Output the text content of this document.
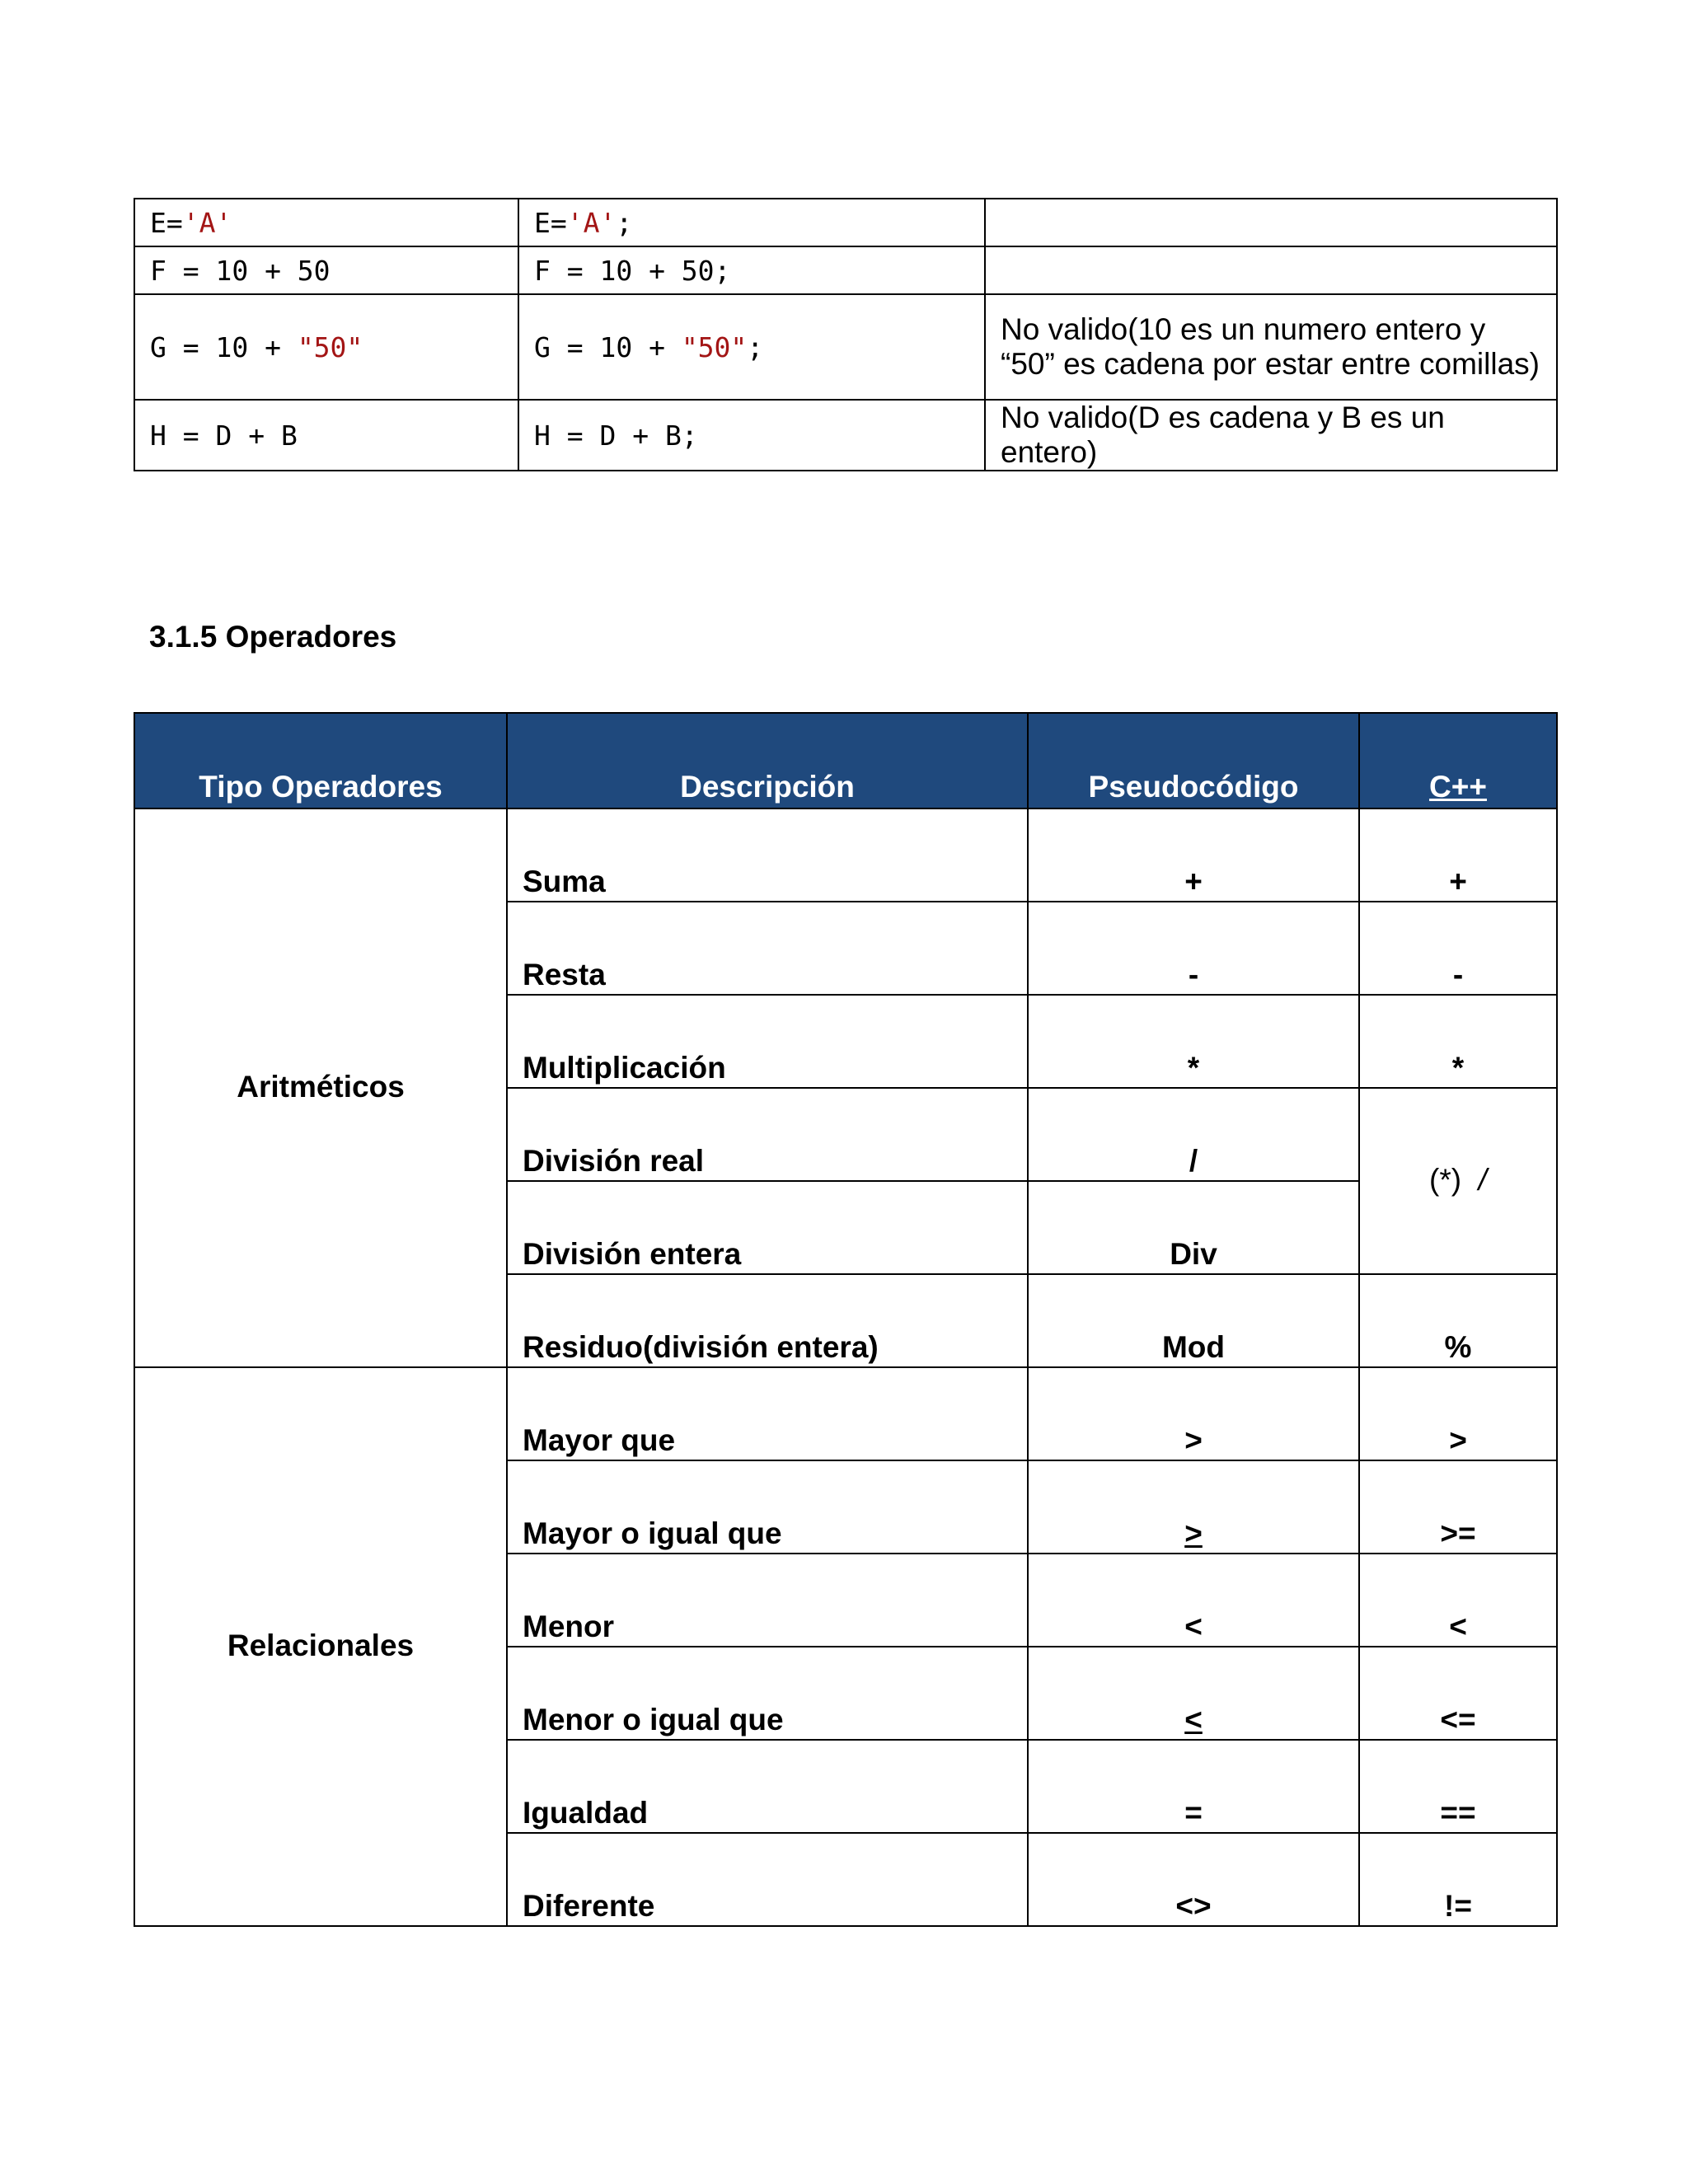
E='A'	E='A';	
F = 10 + 50	F = 10 + 50;	
G = 10 + "50"	G = 10 + "50";	No valido(10 es un numero entero y “50” es cadena por estar entre comillas)
H = D + B	H = D + B;	No valido(D es cadena y B es un entero)
3.1.5 Operadores
Tipo Operadores	Descripción	Pseudocódigo	C++
Aritméticos	Suma	+	+
	Resta	-	-
	Multiplicación	*	*
	División real	/	(*) /
	División entera	Div	
	Residuo(división entera)	Mod	%
Relacionales	Mayor que	>	>
	Mayor o igual que	>	>=
	Menor	<	<
	Menor o igual que	<	<=
	Igualdad	=	==
	Diferente	<>	!=
